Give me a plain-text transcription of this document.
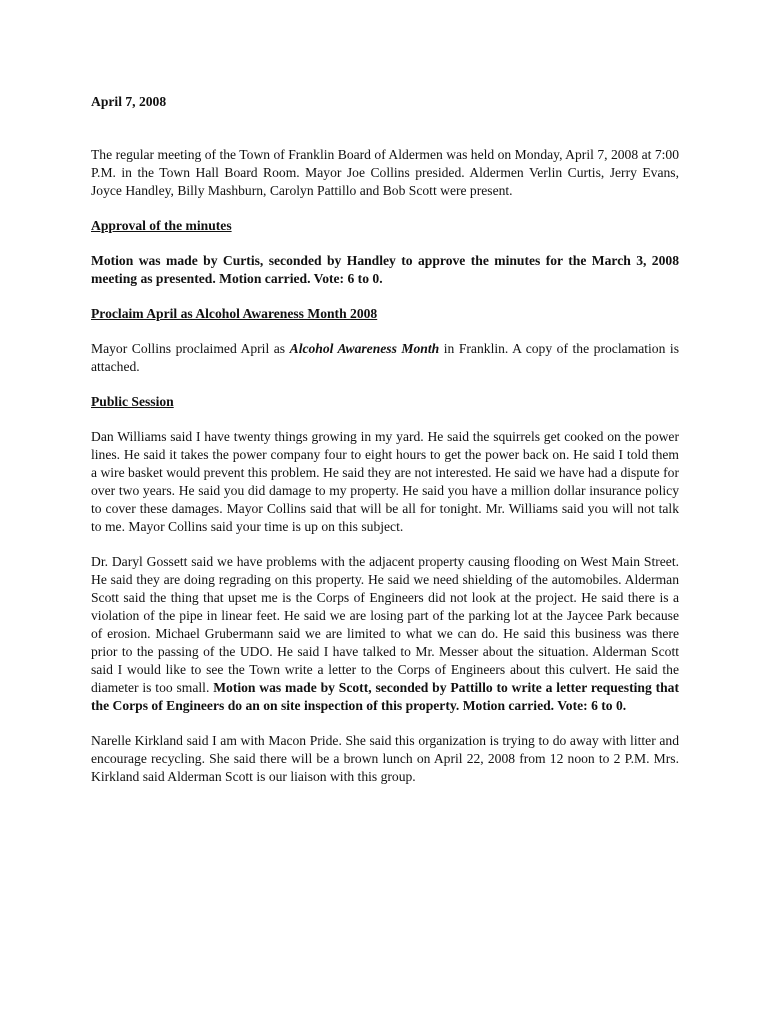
April 7, 2008

The regular meeting of the Town of Franklin Board of Aldermen was held on Monday, April 7, 2008 at 7:00 P.M. in the Town Hall Board Room. Mayor Joe Collins presided. Aldermen Verlin Curtis, Jerry Evans, Joyce Handley, Billy Mashburn, Carolyn Pattillo and Bob Scott were present.

Approval of the minutes

Motion was made by Curtis, seconded by Handley to approve the minutes for the March 3, 2008 meeting as presented. Motion carried. Vote: 6 to 0.

Proclaim April as Alcohol Awareness Month 2008

Mayor Collins proclaimed April as Alcohol Awareness Month in Franklin. A copy of the proclamation is attached.

Public Session

Dan Williams said I have twenty things growing in my yard. He said the squirrels get cooked on the power lines. He said it takes the power company four to eight hours to get the power back on. He said I told them a wire basket would prevent this problem. He said they are not interested. He said we have had a dispute for over two years. He said you did damage to my property. He said you have a million dollar insurance policy to cover these damages. Mayor Collins said that will be all for tonight. Mr. Williams said you will not talk to me. Mayor Collins said your time is up on this subject.

Dr. Daryl Gossett said we have problems with the adjacent property causing flooding on West Main Street. He said they are doing regrading on this property. He said we need shielding of the automobiles. Alderman Scott said the thing that upset me is the Corps of Engineers did not look at the project. He said there is a violation of the pipe in linear feet. He said we are losing part of the parking lot at the Jaycee Park because of erosion. Michael Grubermann said we are limited to what we can do. He said this business was there prior to the passing of the UDO. He said I have talked to Mr. Messer about the situation. Alderman Scott said I would like to see the Town write a letter to the Corps of Engineers about this culvert. He said the diameter is too small. Motion was made by Scott, seconded by Pattillo to write a letter requesting that the Corps of Engineers do an on site inspection of this property. Motion carried. Vote: 6 to 0.

Narelle Kirkland said I am with Macon Pride. She said this organization is trying to do away with litter and encourage recycling. She said there will be a brown lunch on April 22, 2008 from 12 noon to 2 P.M. Mrs. Kirkland said Alderman Scott is our liaison with this group.
